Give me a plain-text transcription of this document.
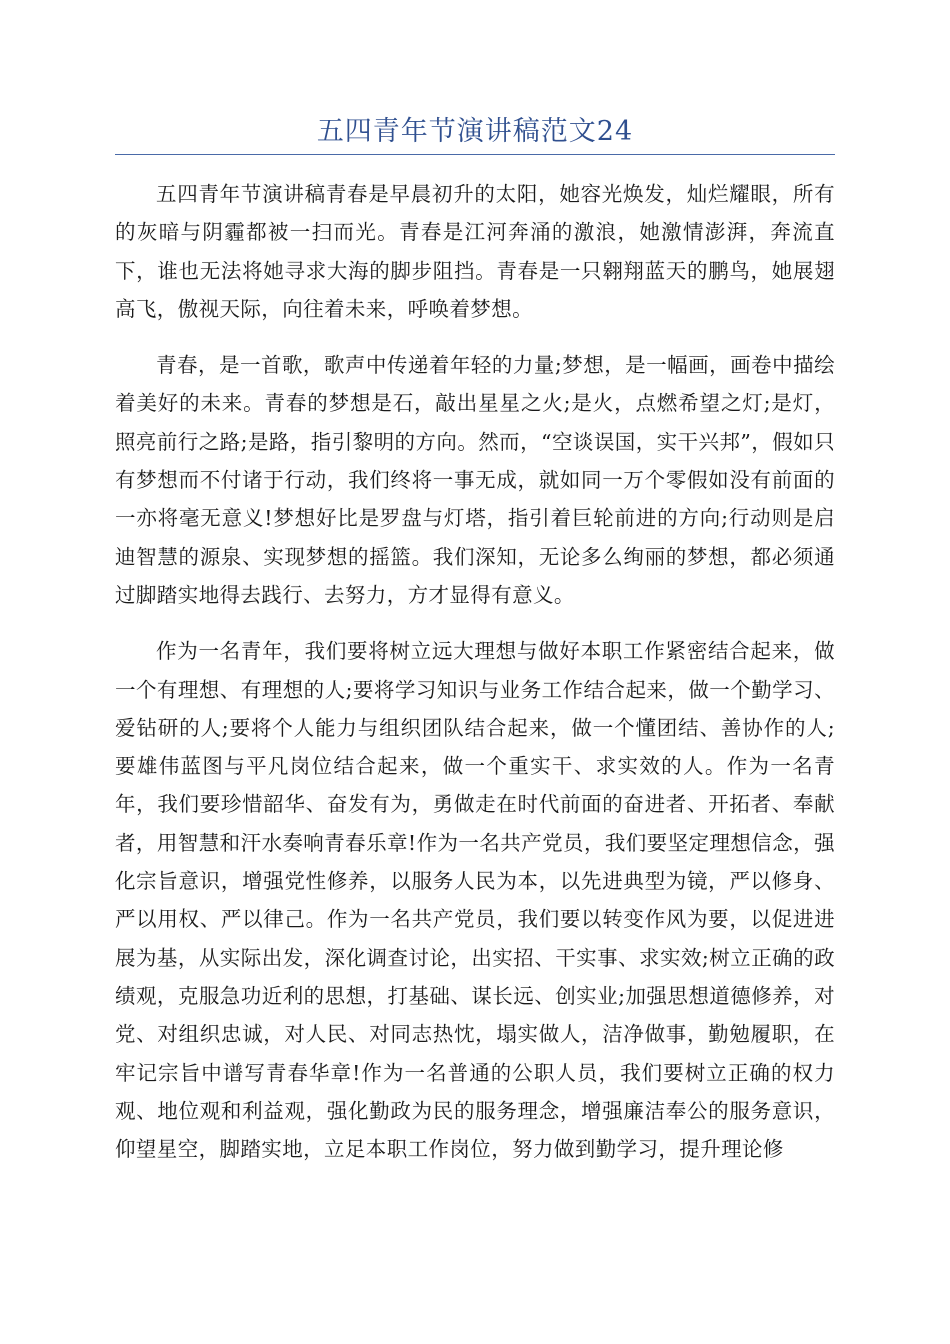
五四青年节演讲稿范文24

五四青年节演讲稿青春是早晨初升的太阳，她容光焕发，灿烂耀眼，所有的灰暗与阴霾都被一扫而光。青春是江河奔涌的激浪，她激情澎湃，奔流直下，谁也无法将她寻求大海的脚步阻挡。青春是一只翱翔蓝天的鹏鸟，她展翅高飞，傲视天际，向往着未来，呼唤着梦想。

青春，是一首歌，歌声中传递着年轻的力量;梦想，是一幅画，画卷中描绘着美好的未来。青春的梦想是石，敲出星星之火;是火，点燃希望之灯;是灯，照亮前行之路;是路，指引黎明的方向。然而，“空谈误国，实干兴邦”，假如只有梦想而不付诸于行动，我们终将一事无成，就如同一万个零假如没有前面的一亦将毫无意义!梦想好比是罗盘与灯塔，指引着巨轮前进的方向;行动则是启迪智慧的源泉、实现梦想的摇篮。我们深知，无论多么绚丽的梦想，都必须通过脚踏实地得去践行、去努力，方才显得有意义。

作为一名青年，我们要将树立远大理想与做好本职工作紧密结合起来，做一个有理想、有理想的人;要将学习知识与业务工作结合起来，做一个勤学习、爱钻研的人;要将个人能力与组织团队结合起来，做一个懂团结、善协作的人;要雄伟蓝图与平凡岗位结合起来，做一个重实干、求实效的人。作为一名青年，我们要珍惜韶华、奋发有为，勇做走在时代前面的奋进者、开拓者、奉献者，用智慧和汗水奏响青春乐章!作为一名共产党员，我们要坚定理想信念，强化宗旨意识，增强党性修养，以服务人民为本，以先进典型为镜，严以修身、严以用权、严以律己。作为一名共产党员，我们要以转变作风为要，以促进进展为基，从实际出发，深化调查讨论，出实招、干实事、求实效;树立正确的政绩观，克服急功近利的思想，打基础、谋长远、创实业;加强思想道德修养，对党、对组织忠诚，对人民、对同志热忱，塌实做人，洁净做事，勤勉履职，在牢记宗旨中谱写青春华章!作为一名普通的公职人员，我们要树立正确的权力观、地位观和利益观，强化勤政为民的服务理念，增强廉洁奉公的服务意识，仰望星空，脚踏实地，立足本职工作岗位，努力做到勤学习，提升理论修
